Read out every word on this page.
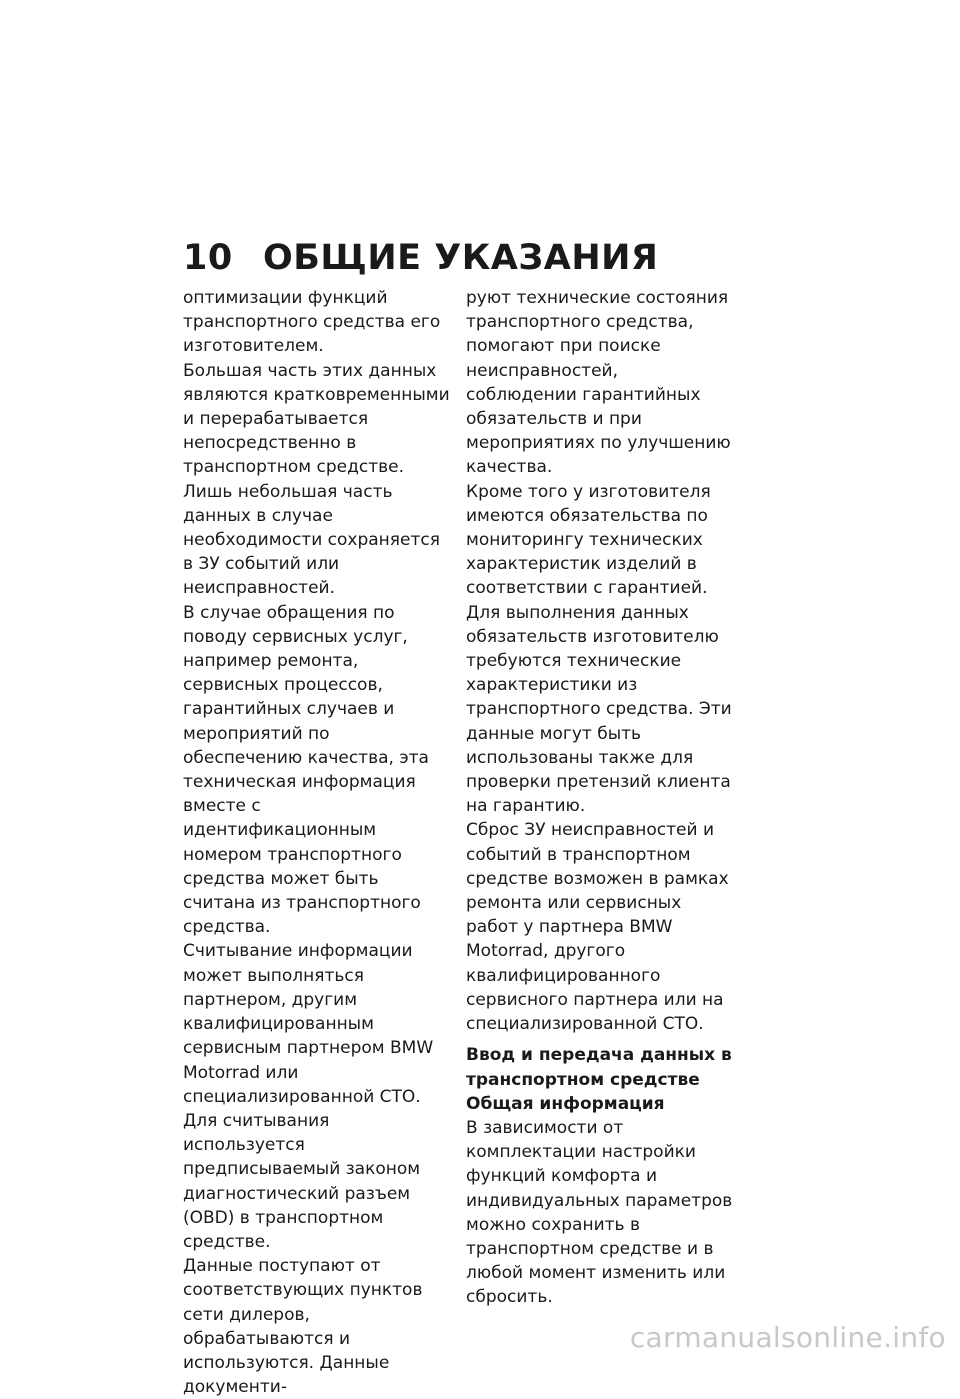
10 ОБЩИЕ УКАЗАНИЯ

оптимизации функций транспортного средства его изготовителем.

Большая часть этих данных являются кратковременными и перерабатывается непосредственно в транспортном средстве. Лишь небольшая часть данных в случае необходимости сохраняется в ЗУ событий или неисправностей.

В случае обращения по поводу сервисных услуг, например ремонта, сервисных процессов, гарантийных случаев и мероприятий по обеспечению качества, эта техническая информация вместе с идентификационным номером транспортного средства может быть считана из транспортного средства.

Считывание информации может выполняться партнером, другим квалифицированным сервисным партнером BMW Motorrad или специализированной СТО. Для считывания используется предписываемый законом диагностический разъем (OBD) в транспортном средстве.

Данные поступают от соответствующих пунктов сети дилеров, обрабатываются и используются. Данные документи-

руют технические состояния транспортного средства, помогают при поиске неисправностей, соблюдении гарантийных обязательств и при мероприятиях по улучшению качества.

Кроме того у изготовителя имеются обязательства по мониторингу технических характеристик изделий в соответствии с гарантией. Для выполнения данных обязательств изготовителю требуются технические характеристики из транспортного средства. Эти данные могут быть использованы также для проверки претензий клиента на гарантию.

Сброс ЗУ неисправностей и событий в транспортном средстве возможен в рамках ремонта или сервисных работ у партнера BMW Motorrad, другого квалифицированного сервисного партнера или на специализированной СТО.

Ввод и передача данных в транспортном средстве
Общая информация

В зависимости от комплектации настройки функций комфорта и индивидуальных параметров можно сохранить в транспортном средстве и в любой момент изменить или сбросить.

carmanualsonline.info
